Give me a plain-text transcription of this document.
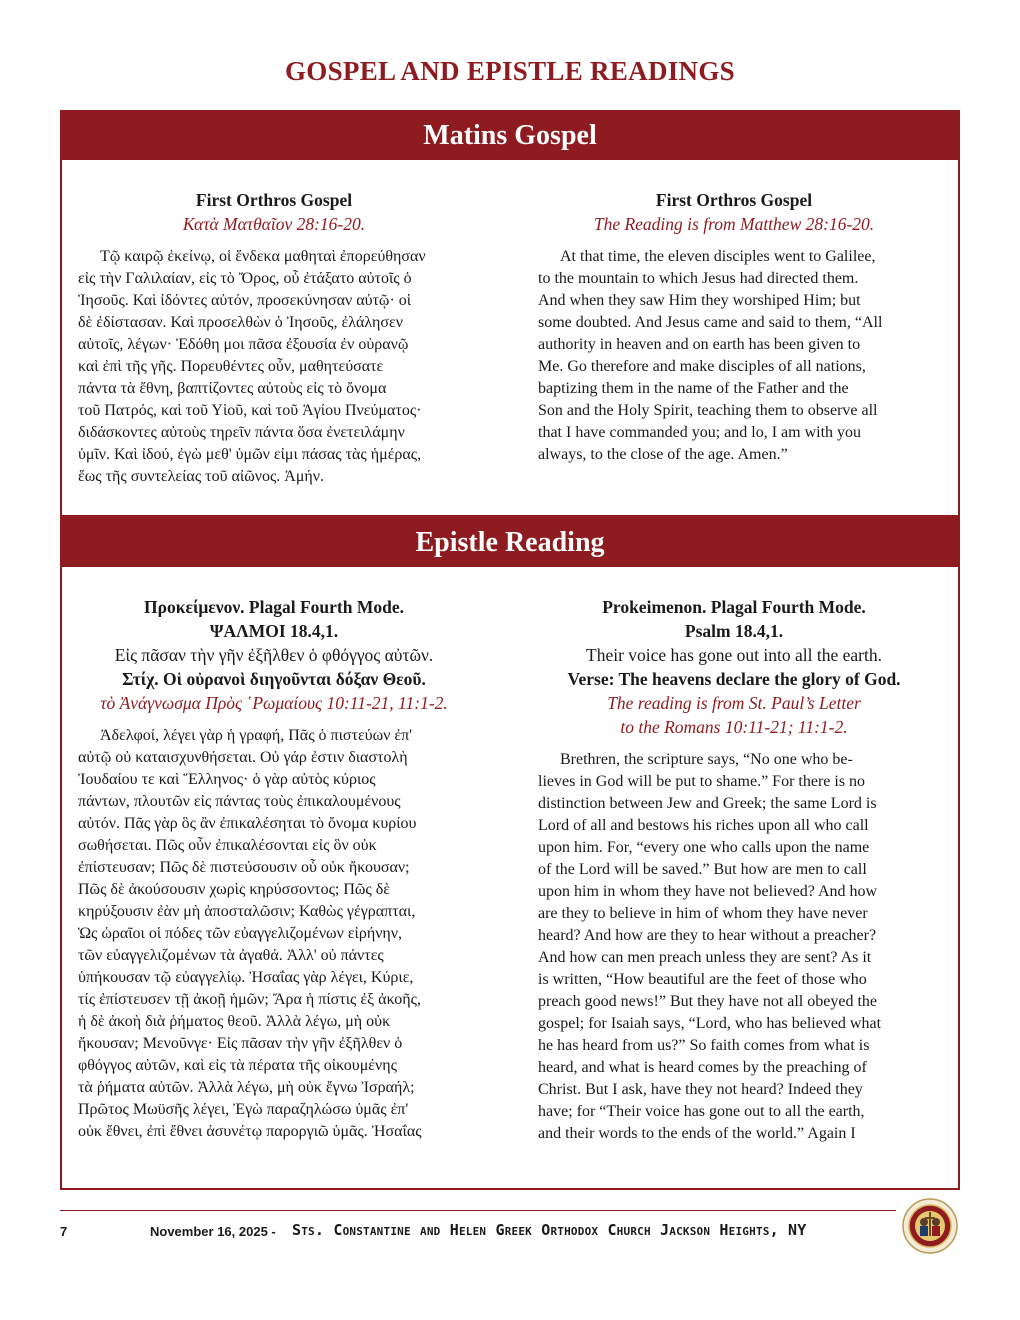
GOSPEL AND EPISTLE READINGS
Matins Gospel

First Orthros Gospel

Κατὰ Ματθαῖον 28:16-20.

Τῷ καιρῷ ἐκείνῳ, οἱ ἕνδεκα μαθηταὶ ἐπορεύθησαν
εἰς τὴν Γαλιλαίαν, εἰς τὸ Ὄρος, οὗ ἐτάξατο αὐτοῖς ὁ
Ἰησοῦς. Καὶ ἰδόντες αὐτόν, προσεκύνησαν αὐτῷ· οἱ
δὲ ἐδίστασαν. Καὶ προσελθὼν ὁ Ἰησοῦς, ἐλάλησεν
αὐτοῖς, λέγων· Ἐδόθη μοι πᾶσα ἐξουσία ἐν οὐρανῷ
καὶ ἐπὶ τῆς γῆς. Πορευθέντες οὖν, μαθητεύσατε
πάντα τὰ ἔθνη, βαπτίζοντες αὐτοὺς εἰς τὸ ὄνομα
τοῦ Πατρός, καὶ τοῦ Υἱοῦ, καὶ τοῦ Ἁγίου Πνεύματος·
διδάσκοντες αὐτοὺς τηρεῖν πάντα ὅσα ἐνετειλάμην
ὑμῖν. Καὶ ἰδού, ἐγὼ μεθ' ὑμῶν εἰμι πάσας τὰς ἡμέρας,
ἕως τῆς συντελείας τοῦ αἰῶνος. Ἀμήν.

First Orthros Gospel

The Reading is from Matthew 28:16-20.

At that time, the eleven disciples went to Galilee,
to the mountain to which Jesus had directed them.
And when they saw Him they worshiped Him; but
some doubted. And Jesus came and said to them, “All
authority in heaven and on earth has been given to
Me. Go therefore and make disciples of all nations,
baptizing them in the name of the Father and the
Son and the Holy Spirit, teaching them to observe all
that I have commanded you; and lo, I am with you
always, to the close of the age. Amen.”
Epistle Reading

Προκείμενον. Plagal Fourth Mode.

ΨΑΛΜΟΙ 18.4,1.

Εἰς πᾶσαν τὴν γῆν ἐξῆλθεν ὁ φθόγγος αὐτῶν.

Στίχ. Οἱ οὐρανοὶ διηγοῦνται δόξαν Θεοῦ.

τὸ Ἀνάγνωσμα Πρὸς ῾Ρωμαίους 10:11-21, 11:1-2.

Ἀδελφοί, λέγει γὰρ ἡ γραφή, Πᾶς ὁ πιστεύων ἐπ'
αὐτῷ οὐ καταισχυνθήσεται. Οὐ γάρ ἐστιν διαστολὴ
Ἰουδαίου τε καὶ Ἕλληνος· ὁ γὰρ αὐτὸς κύριος
πάντων, πλουτῶν εἰς πάντας τοὺς ἐπικαλουμένους
αὐτόν. Πᾶς γὰρ ὃς ἂν ἐπικαλέσηται τὸ ὄνομα κυρίου
σωθήσεται. Πῶς οὖν ἐπικαλέσονται εἰς ὃν οὐκ
ἐπίστευσαν; Πῶς δὲ πιστεύσουσιν οὗ οὐκ ἤκουσαν;
Πῶς δὲ ἀκούσουσιν χωρὶς κηρύσσοντος; Πῶς δὲ
κηρύξουσιν ἐὰν μὴ ἀποσταλῶσιν; Καθὼς γέγραπται,
Ὡς ὡραῖοι οἱ πόδες τῶν εὐαγγελιζομένων εἰρήνην,
τῶν εὐαγγελιζομένων τὰ ἀγαθά. Ἀλλ' οὐ πάντες
ὑπήκουσαν τῷ εὐαγγελίῳ. Ἠσαΐας γὰρ λέγει, Κύριε,
τίς ἐπίστευσεν τῇ ἀκοῇ ἡμῶν; Ἄρα ἡ πίστις ἐξ ἀκοῆς,
ἡ δὲ ἀκοὴ διὰ ῥήματος θεοῦ. Ἀλλὰ λέγω, μὴ οὐκ
ἤκουσαν; Μενοῦνγε· Εἰς πᾶσαν τὴν γῆν ἐξῆλθεν ὁ
φθόγγος αὐτῶν, καὶ εἰς τὰ πέρατα τῆς οἰκουμένης
τὰ ῥήματα αὐτῶν. Ἀλλὰ λέγω, μὴ οὐκ ἔγνω Ἰσραήλ;
Πρῶτος Μωϋσῆς λέγει, Ἐγὼ παραζηλώσω ὑμᾶς ἐπ'
οὐκ ἔθνει, ἐπὶ ἔθνει ἀσυνέτῳ παροργιῶ ὑμᾶς. Ἠσαΐας

Prokeimenon. Plagal Fourth Mode.

Psalm 18.4,1.

Their voice has gone out into all the earth.

Verse: The heavens declare the glory of God.

The reading is from St. Paul’s Letter

to the Romans 10:11-21; 11:1-2.

Brethren, the scripture says, “No one who be-
lieves in God will be put to shame.” For there is no
distinction between Jew and Greek; the same Lord is
Lord of all and bestows his riches upon all who call
upon him. For, “every one who calls upon the name
of the Lord will be saved.” But how are men to call
upon him in whom they have not believed? And how
are they to believe in him of whom they have never
heard? And how are they to hear without a preacher?
And how can men preach unless they are sent? As it
is written, “How beautiful are the feet of those who
preach good news!” But they have not all obeyed the
gospel; for Isaiah says, “Lord, who has believed what
he has heard from us?” So faith comes from what is
heard, and what is heard comes by the preaching of
Christ. But I ask, have they not heard? Indeed they
have; for “Their voice has gone out to all the earth,
and their words to the ends of the world.” Again I
7	November 16, 2025 - Sts. Constantine and Helen Greek Orthodox Church Jackson Heights, NY
